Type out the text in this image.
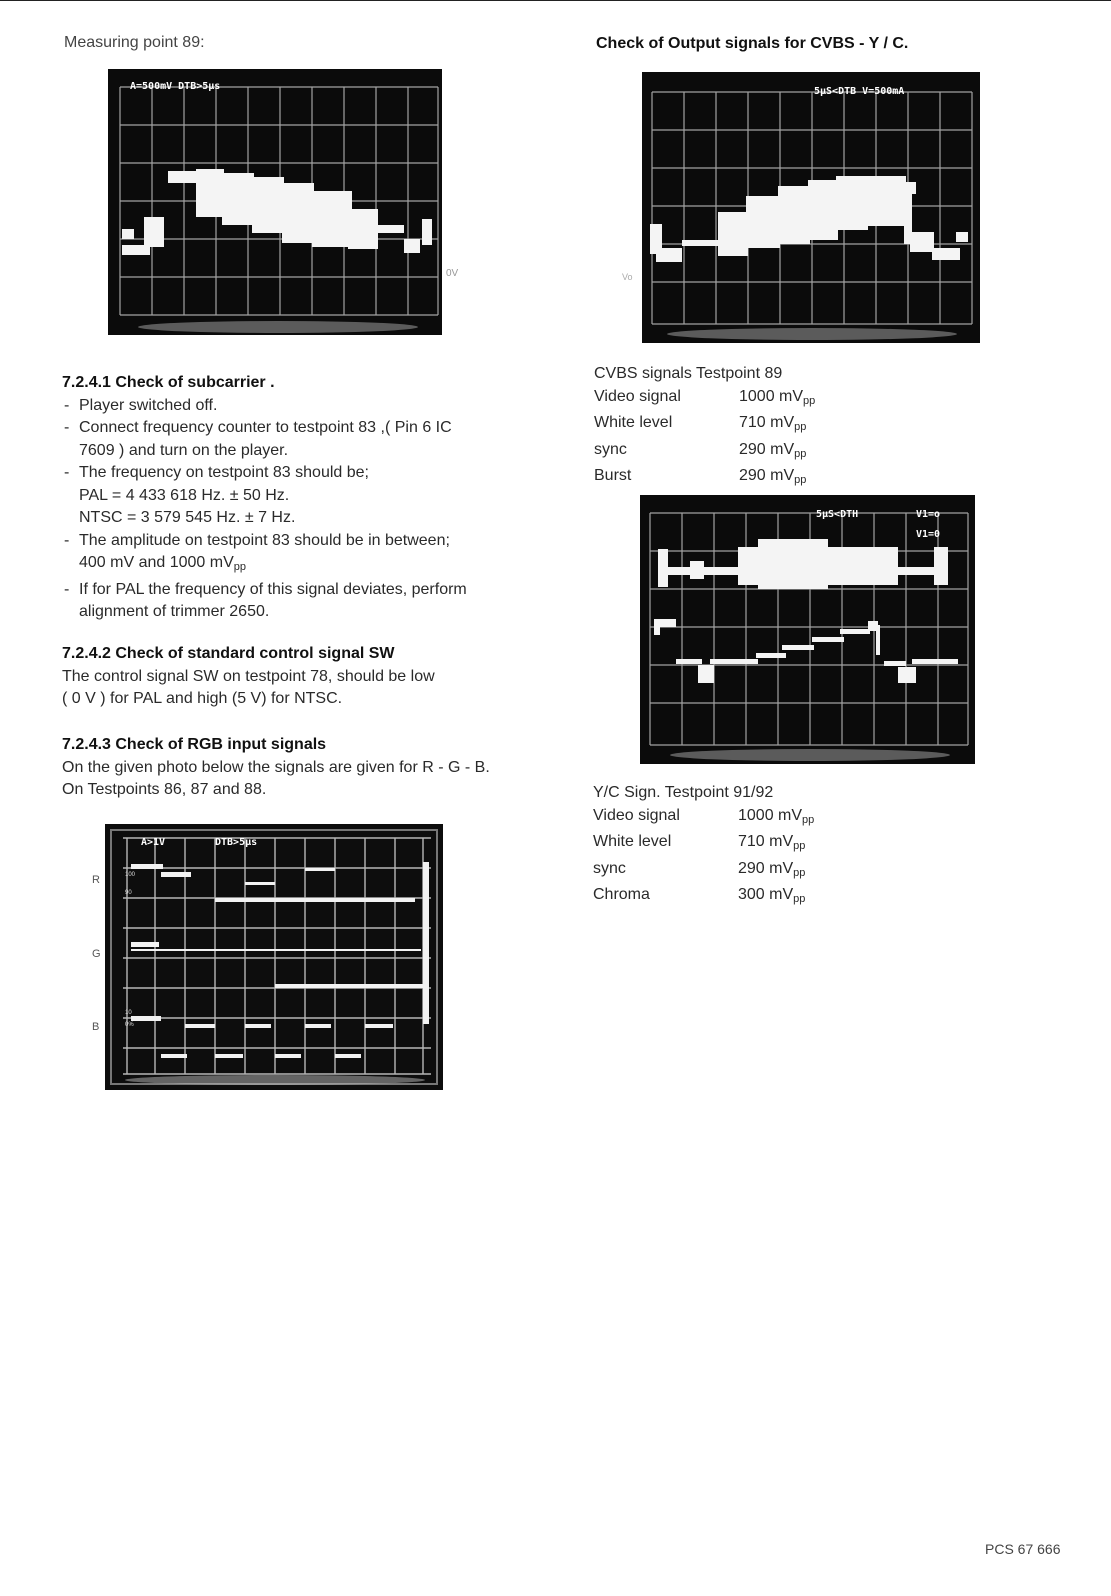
Measuring point 89:
A=500mV DTB>5µs
0V
7.2.4.1 Check of subcarrier .
- Player switched off.
- Connect frequency counter to testpoint 83 ,( Pin 6 IC
7609 ) and turn on the player.
- The frequency on testpoint 83 should be;
PAL = 4 433 618 Hz. ± 50 Hz.
NTSC = 3 579 545 Hz. ± 7 Hz.
- The amplitude on testpoint 83 should be in between;
400 mV and 1000 $mV_{pp}$
- If for PAL the frequency of this signal deviates, perform
alignment of trimmer 2650.
7.2.4.2 Check of standard control signal SW
The control signal SW on testpoint 78, should be low
( 0 V ) for PAL and high (5 V) for NTSC.
7.2.4.3 Check of RGB input signals
On the given photo below the signals are given for R - G - B.
On Testpoints 86, 87 and 88.
A>1V	DTB>5µs
100
90
10
0%
R
G
B
Check of Output signals for CVBS - Y / C.
5µS<DTB V=500mA
Vo
CVBS signals Testpoint 89
Video signal	1000 $mV_{pp}$
White level	710 $mV_{pp}$
sync	290 $mV_{pp}$
Burst	290 $mV_{pp}$
5µS<DTH	V1=o
V1=0
Y/C Sign. Testpoint 91/92
Video signal	1000 $mV_{pp}$
White level	710 $mV_{pp}$
sync	290 $mV_{pp}$
Chroma	300 $mV_{pp}$
PCS 67 666
